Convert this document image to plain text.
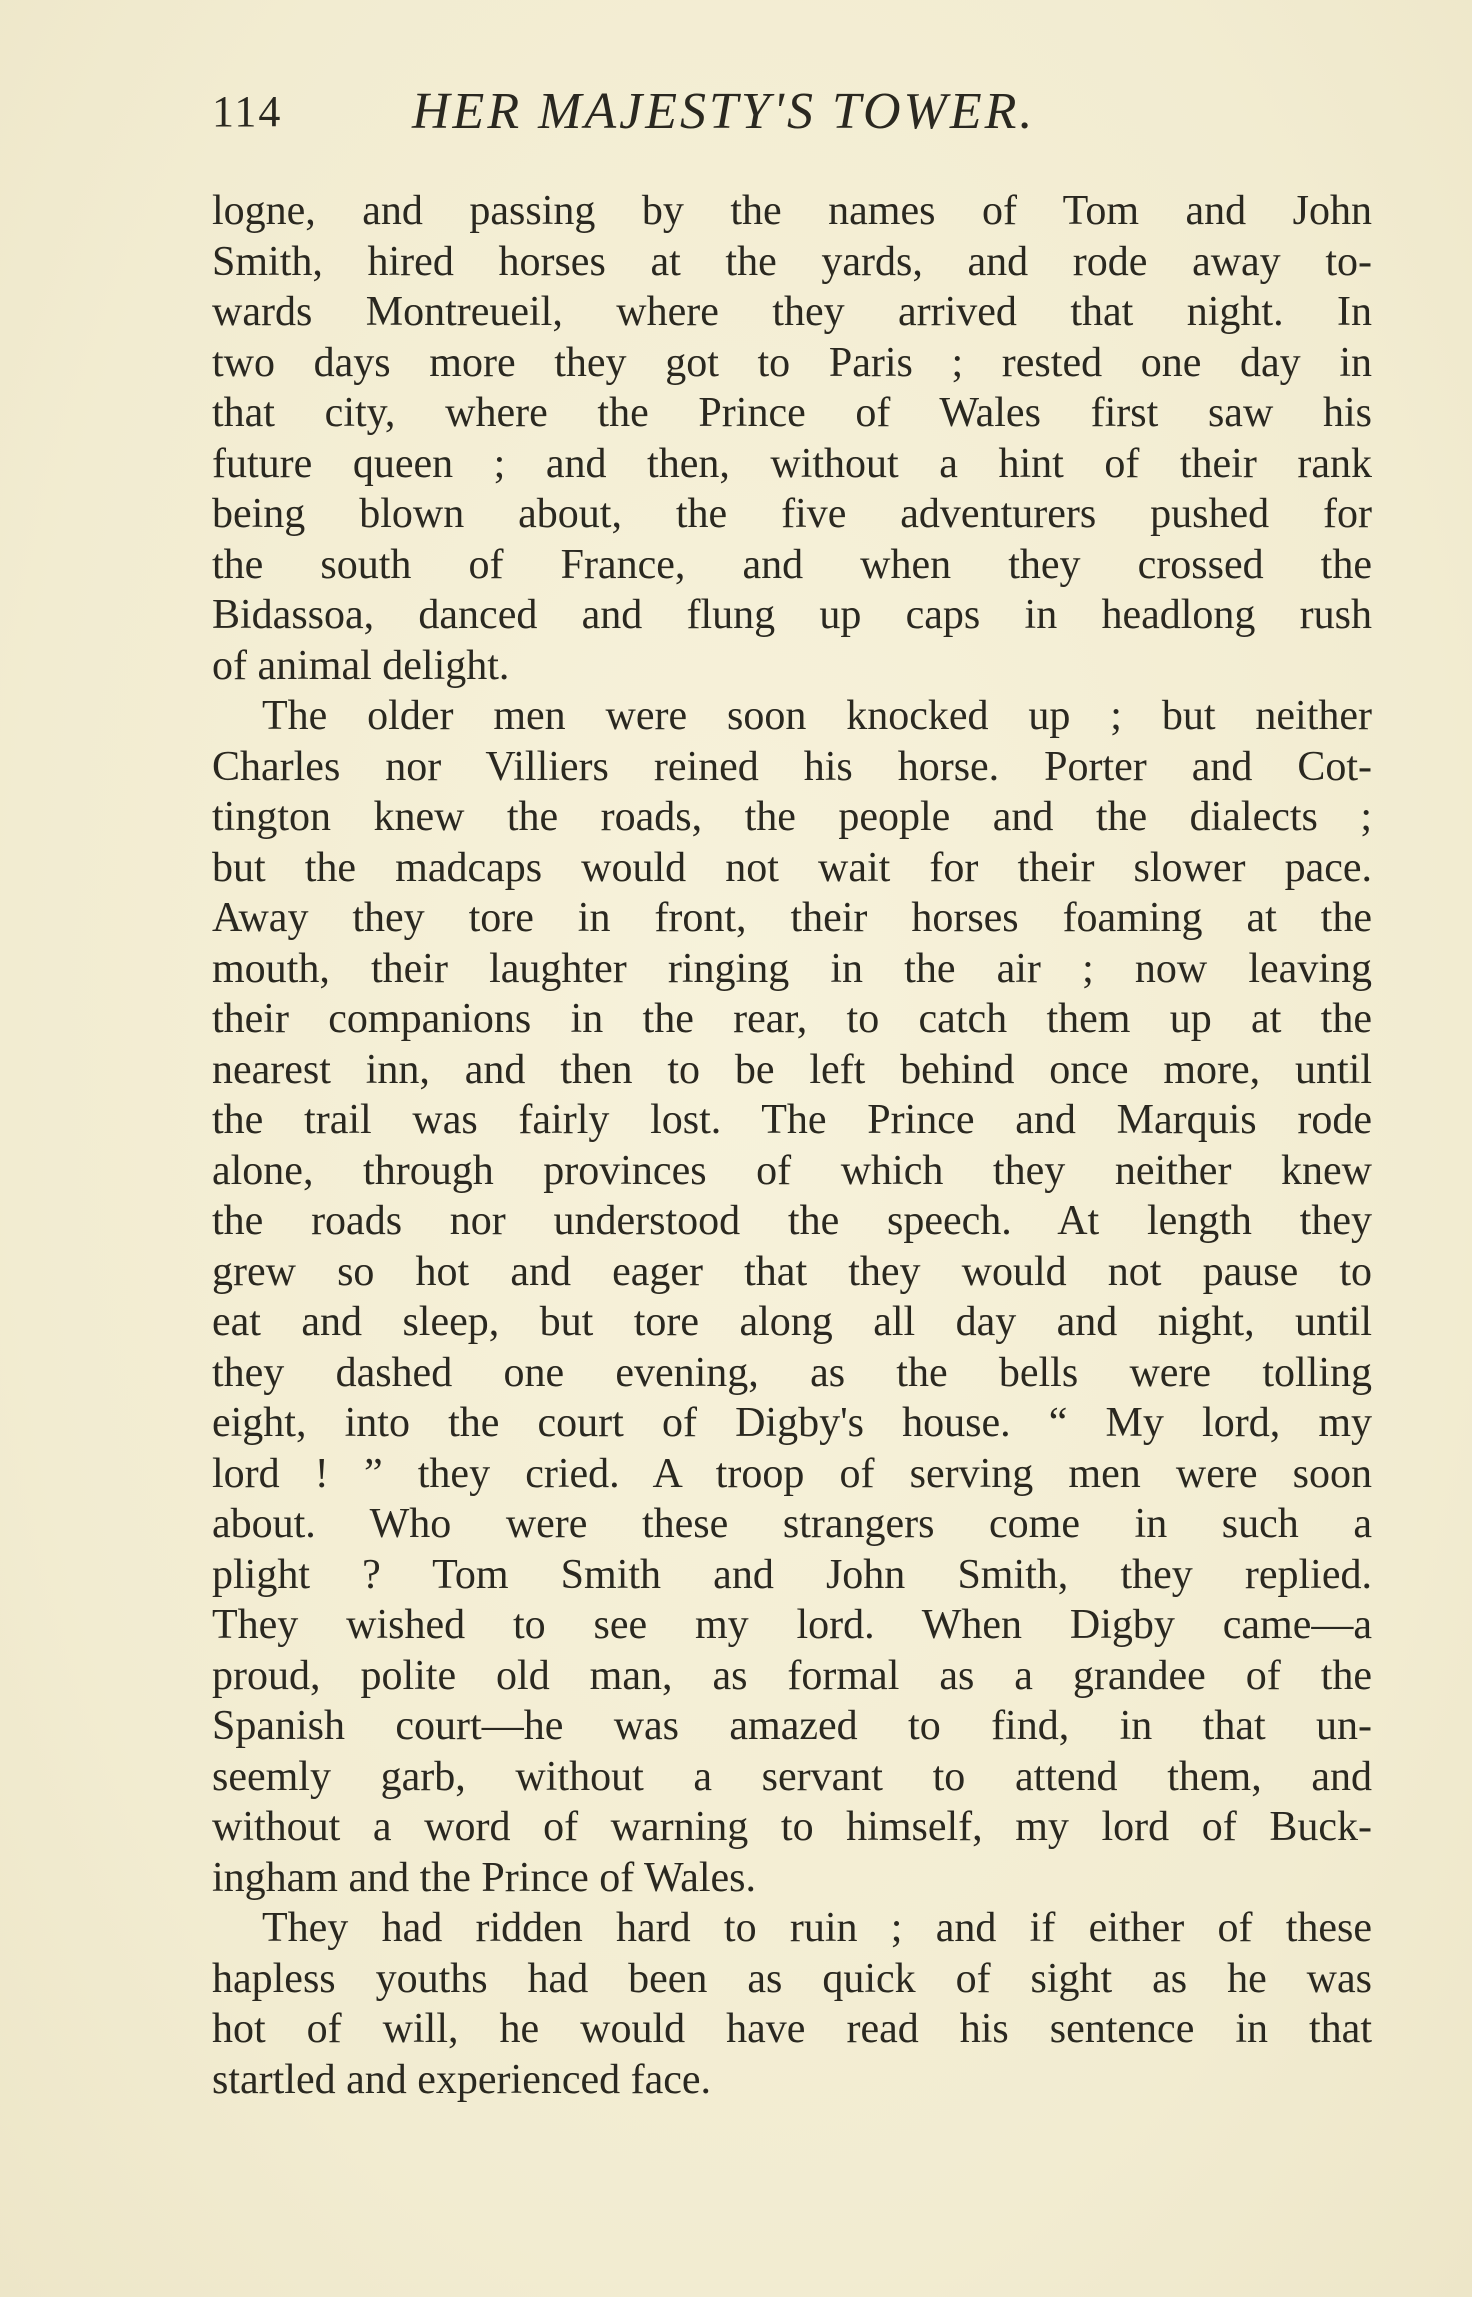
114 HER MAJESTY'S TOWER.
logne, and passing by the names of Tom and John
Smith, hired horses at the yards, and rode away to-
wards Montreueil, where they arrived that night. In
two days more they got to Paris ; rested one day in
that city, where the Prince of Wales first saw his
future queen ; and then, without a hint of their rank
being blown about, the five adventurers pushed for
the south of France, and when they crossed the
Bidassoa, danced and flung up caps in headlong rush
of animal delight.
The older men were soon knocked up ; but neither
Charles nor Villiers reined his horse. Porter and Cot-
tington knew the roads, the people and the dialects ;
but the madcaps would not wait for their slower pace.
Away they tore in front, their horses foaming at the
mouth, their laughter ringing in the air ; now leaving
their companions in the rear, to catch them up at the
nearest inn, and then to be left behind once more, until
the trail was fairly lost. The Prince and Marquis rode
alone, through provinces of which they neither knew
the roads nor understood the speech. At length they
grew so hot and eager that they would not pause to
eat and sleep, but tore along all day and night, until
they dashed one evening, as the bells were tolling
eight, into the court of Digby's house. “ My lord, my
lord ! ” they cried. A troop of serving men were soon
about. Who were these strangers come in such a
plight ? Tom Smith and John Smith, they replied.
They wished to see my lord. When Digby came—a
proud, polite old man, as formal as a grandee of the
Spanish court—he was amazed to find, in that un-
seemly garb, without a servant to attend them, and
without a word of warning to himself, my lord of Buck-
ingham and the Prince of Wales.
They had ridden hard to ruin ; and if either of these
hapless youths had been as quick of sight as he was
hot of will, he would have read his sentence in that
startled and experienced face.
